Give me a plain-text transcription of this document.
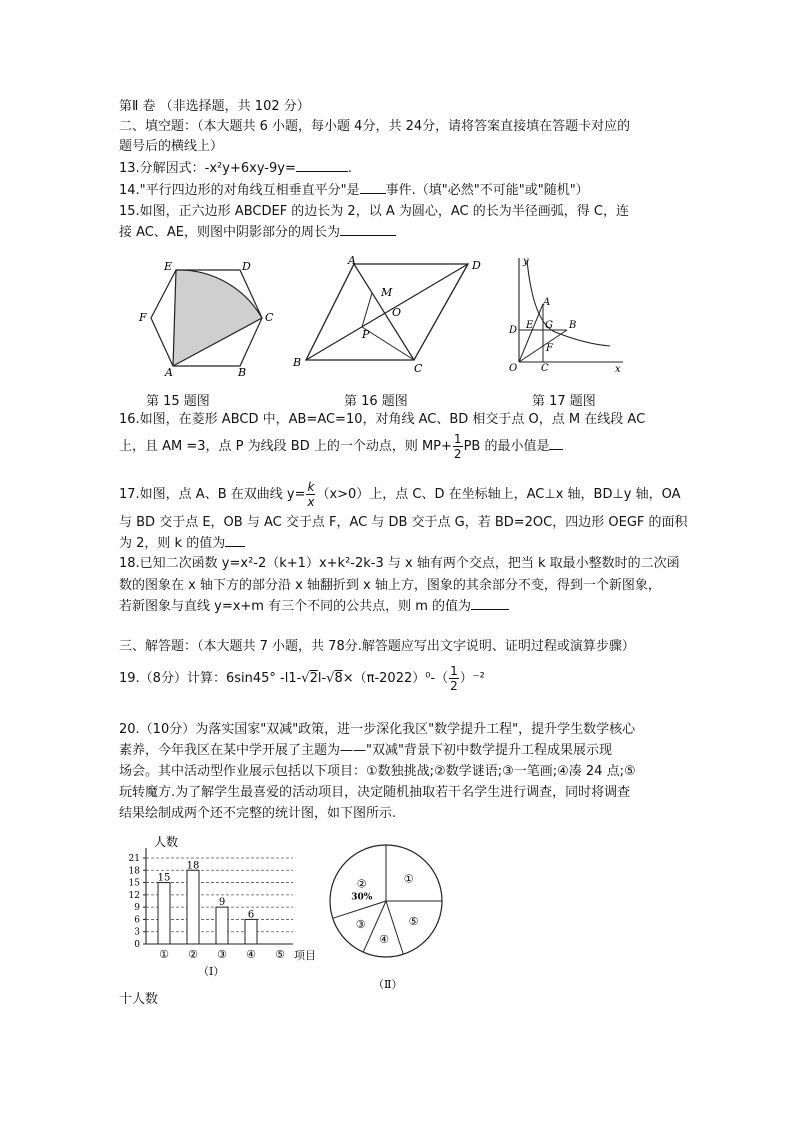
第Ⅱ 卷 （非选择题，共 102 分）
二、填空题：（本大题共 6 小题，每小题 4分，共 24分，请将答案直接填在答题卡对应的
题号后的横线上）
13.分解因式：-x²y+6xy-9y=	.
14."平行四边形的对角线互相垂直平分"是 事件.（填"必然"不可能"或"随机"）
15.如图，正六边形 ABCDEF 的边长为 2，以 A 为圆心，AC 的长为半径画弧，得 C，连
接 AC、AE，则图中阴影部分的周长为
E	D
F	C
A	B
A	D
M
O
P
B	C
y
A
D E G B
F
O C	x
第 15 题图	第 16 题图	第 17 题图
16.如图，在菱形 ABCD 中，AB=AC=10，对角线 AC、BD 相交于点 O，点 M 在线段 AC
上，且 AM =3，点 P 为线段 BD 上的一个动点，则 $MP+ \frac{1}{2}$ PB 的最小值是
17.如图，点 A、B 在双曲线 $y= \frac{k}{x} (x>0)$上，点 C、D 在坐标轴上，AC⊥x 轴，BD⊥y 轴，OA
与 BD 交于点 E，OB 与 AC 交于点 F，AC 与 DB 交于点 G，若 BD=2OC，四边形 OEGF 的面积
为 2，则 k 的值为
18.已知二次函数 y=x²-2（k+1）x+k²-2k-3 与 x 轴有两个交点，把当 k 取最小整数时的二次函
数的图象在 x 轴下方的部分沿 x 轴翻折到 x 轴上方，图象的其余部分不变，得到一个新图象，
若新图象与直线 y=x+m 有三个不同的公共点，则 m 的值为
三、解答题：（本大题共 7 小题，共 78分.解答题应写出文字说明、证明过程或演算步骤）
19.（8分）计算：6sin45° $-l1-√2l-√8\times(\pi-2022)^0-( \frac{1}{2} )^{-2}$
20.（10分）为落实国家"双减"政策，进一步深化我区"数学提升工程"，提升学生数学核心
素养，今年我区在某中学开展了主题为——"双减"背景下初中数学提升工程成果展示现
场会。其中活动型作业展示包括以下项目：①数独挑战;②数学谜语;③一笔画;④凑 24 点;⑤
玩转魔方.为了解学生最喜爱的活动项目，决定随机抽取若干名学生进行调查，同时将调查
结果绘制成两个还不完整的统计图，如下图所示.
人数
项目
（Ⅰ）
0
3
6
9
12
15
18
21
15
①
18
②
9
③
6
④ ⑤
①
②
③
④
⑤
30%
（Ⅱ）
十人数
